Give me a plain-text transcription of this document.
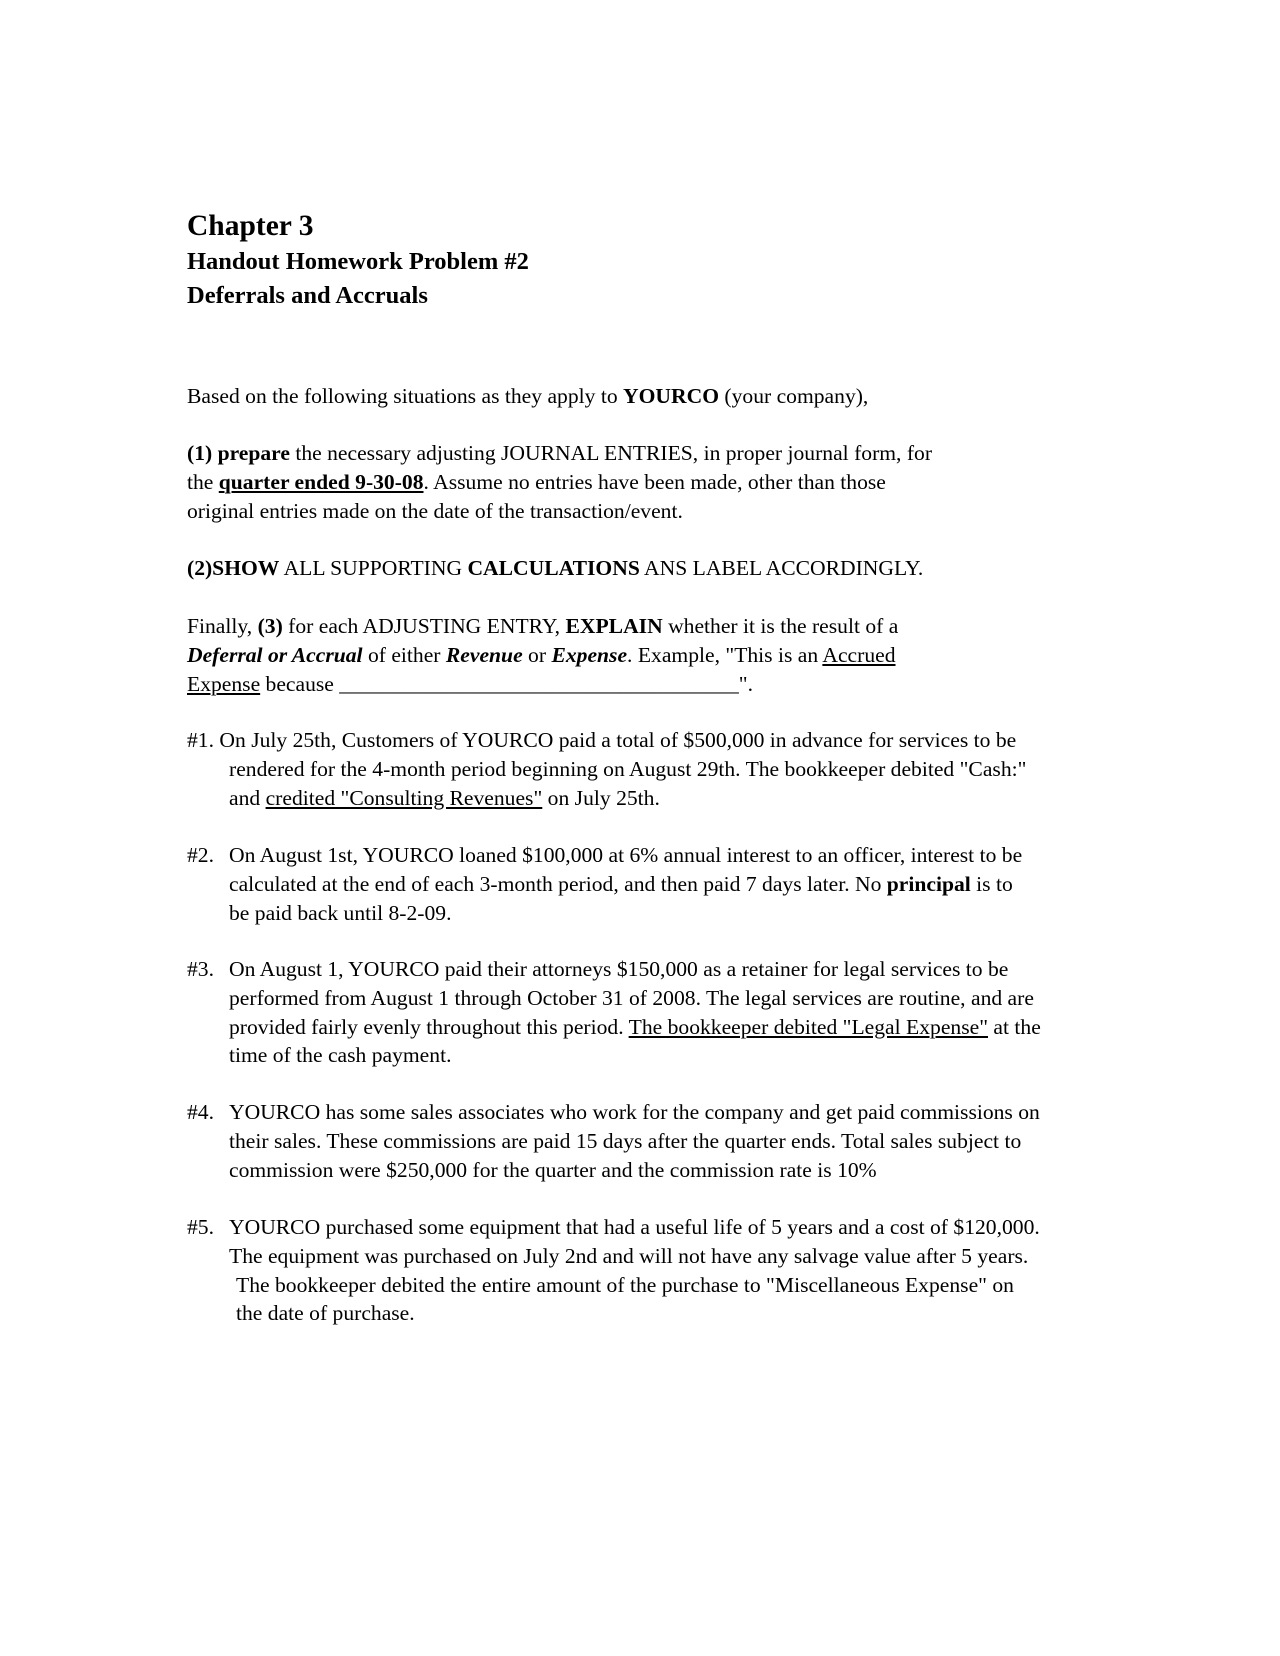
Chapter 3
Handout Homework Problem #2
Deferrals and Accruals
Based on the following situations as they apply to YOURCO (your company),
(1) prepare the necessary adjusting JOURNAL ENTRIES, in proper journal form, for
the quarter ended 9-30-08. Assume no entries have been made, other than those
original entries made on the date of the transaction/event.
(2)SHOW ALL SUPPORTING CALCULATIONS ANS LABEL ACCORDINGLY.
Finally, (3) for each ADJUSTING ENTRY, EXPLAIN whether it is the result of a
Deferral or Accrual of either Revenue or Expense. Example, "This is an Accrued
Expense because _____________________________________".
#1. On July 25th, Customers of YOURCO paid a total of $500,000 in advance for services to be
rendered for the 4-month period beginning on August 29th. The bookkeeper debited "Cash:"
and credited "Consulting Revenues" on July 25th.
#2. On August 1st, YOURCO loaned $100,000 at 6% annual interest to an officer, interest to be
calculated at the end of each 3-month period, and then paid 7 days later. No principal is to
be paid back until 8-2-09.
#3. On August 1, YOURCO paid their attorneys $150,000 as a retainer for legal services to be
performed from August 1 through October 31 of 2008. The legal services are routine, and are
provided fairly evenly throughout this period. The bookkeeper debited "Legal Expense" at the
time of the cash payment.
#4. YOURCO has some sales associates who work for the company and get paid commissions on
their sales. These commissions are paid 15 days after the quarter ends. Total sales subject to
commission were $250,000 for the quarter and the commission rate is 10%
#5. YOURCO purchased some equipment that had a useful life of 5 years and a cost of $120,000.
The equipment was purchased on July 2nd and will not have any salvage value after 5 years.
The bookkeeper debited the entire amount of the purchase to "Miscellaneous Expense" on
the date of purchase.
